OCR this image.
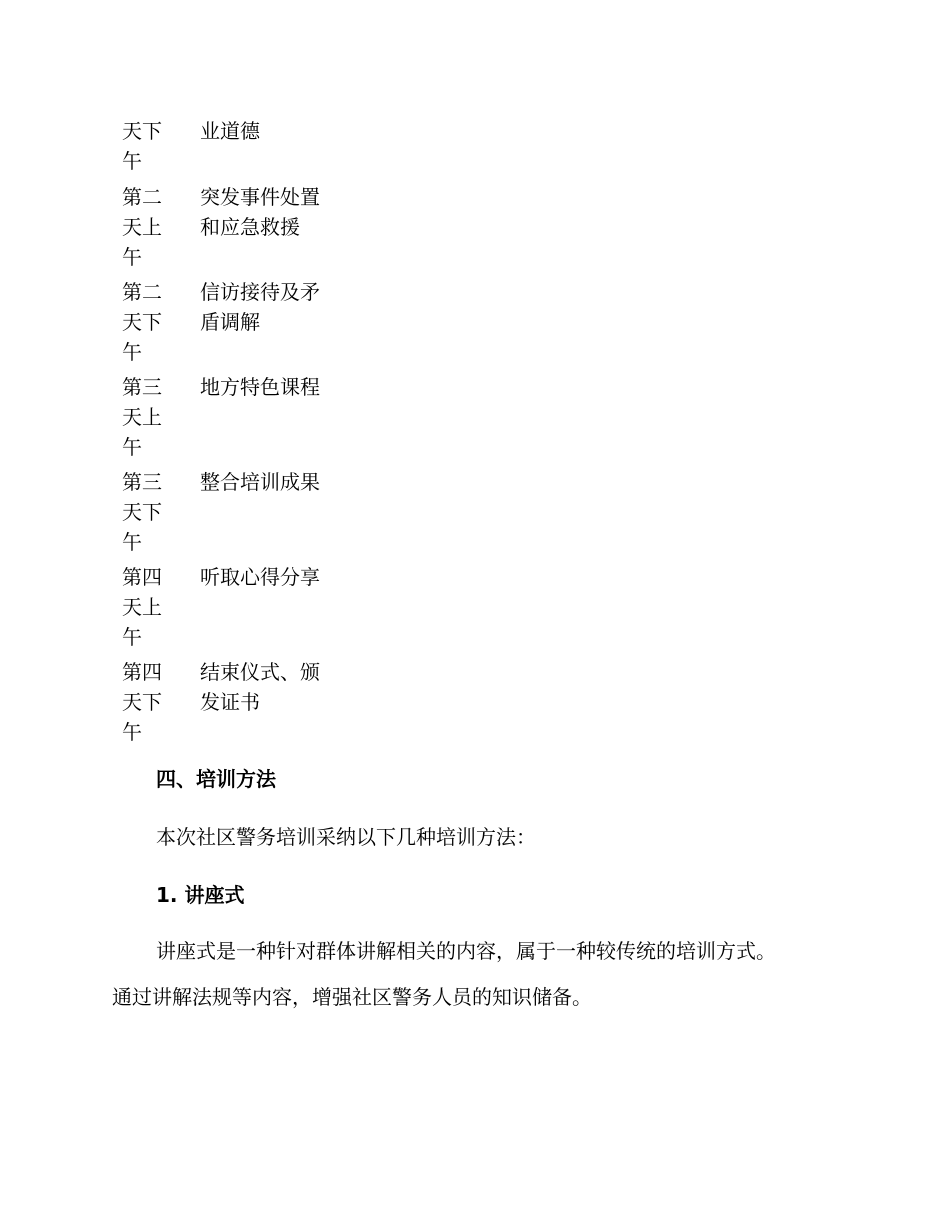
天下午
业道德
第二天上午
突发事件处置和应急救援
第二天下午
信访接待及矛盾调解
第三天上午
地方特色课程
第三天下午
整合培训成果
第四天上午
听取心得分享
第四天下午
结束仪式、颁发证书
四、培训方法
本次社区警务培训采纳以下几种培训方法：
1. 讲座式
讲座式是一种针对群体讲解相关的内容，属于一种较传统的培训方式。
通过讲解法规等内容，增强社区警务人员的知识储备。
